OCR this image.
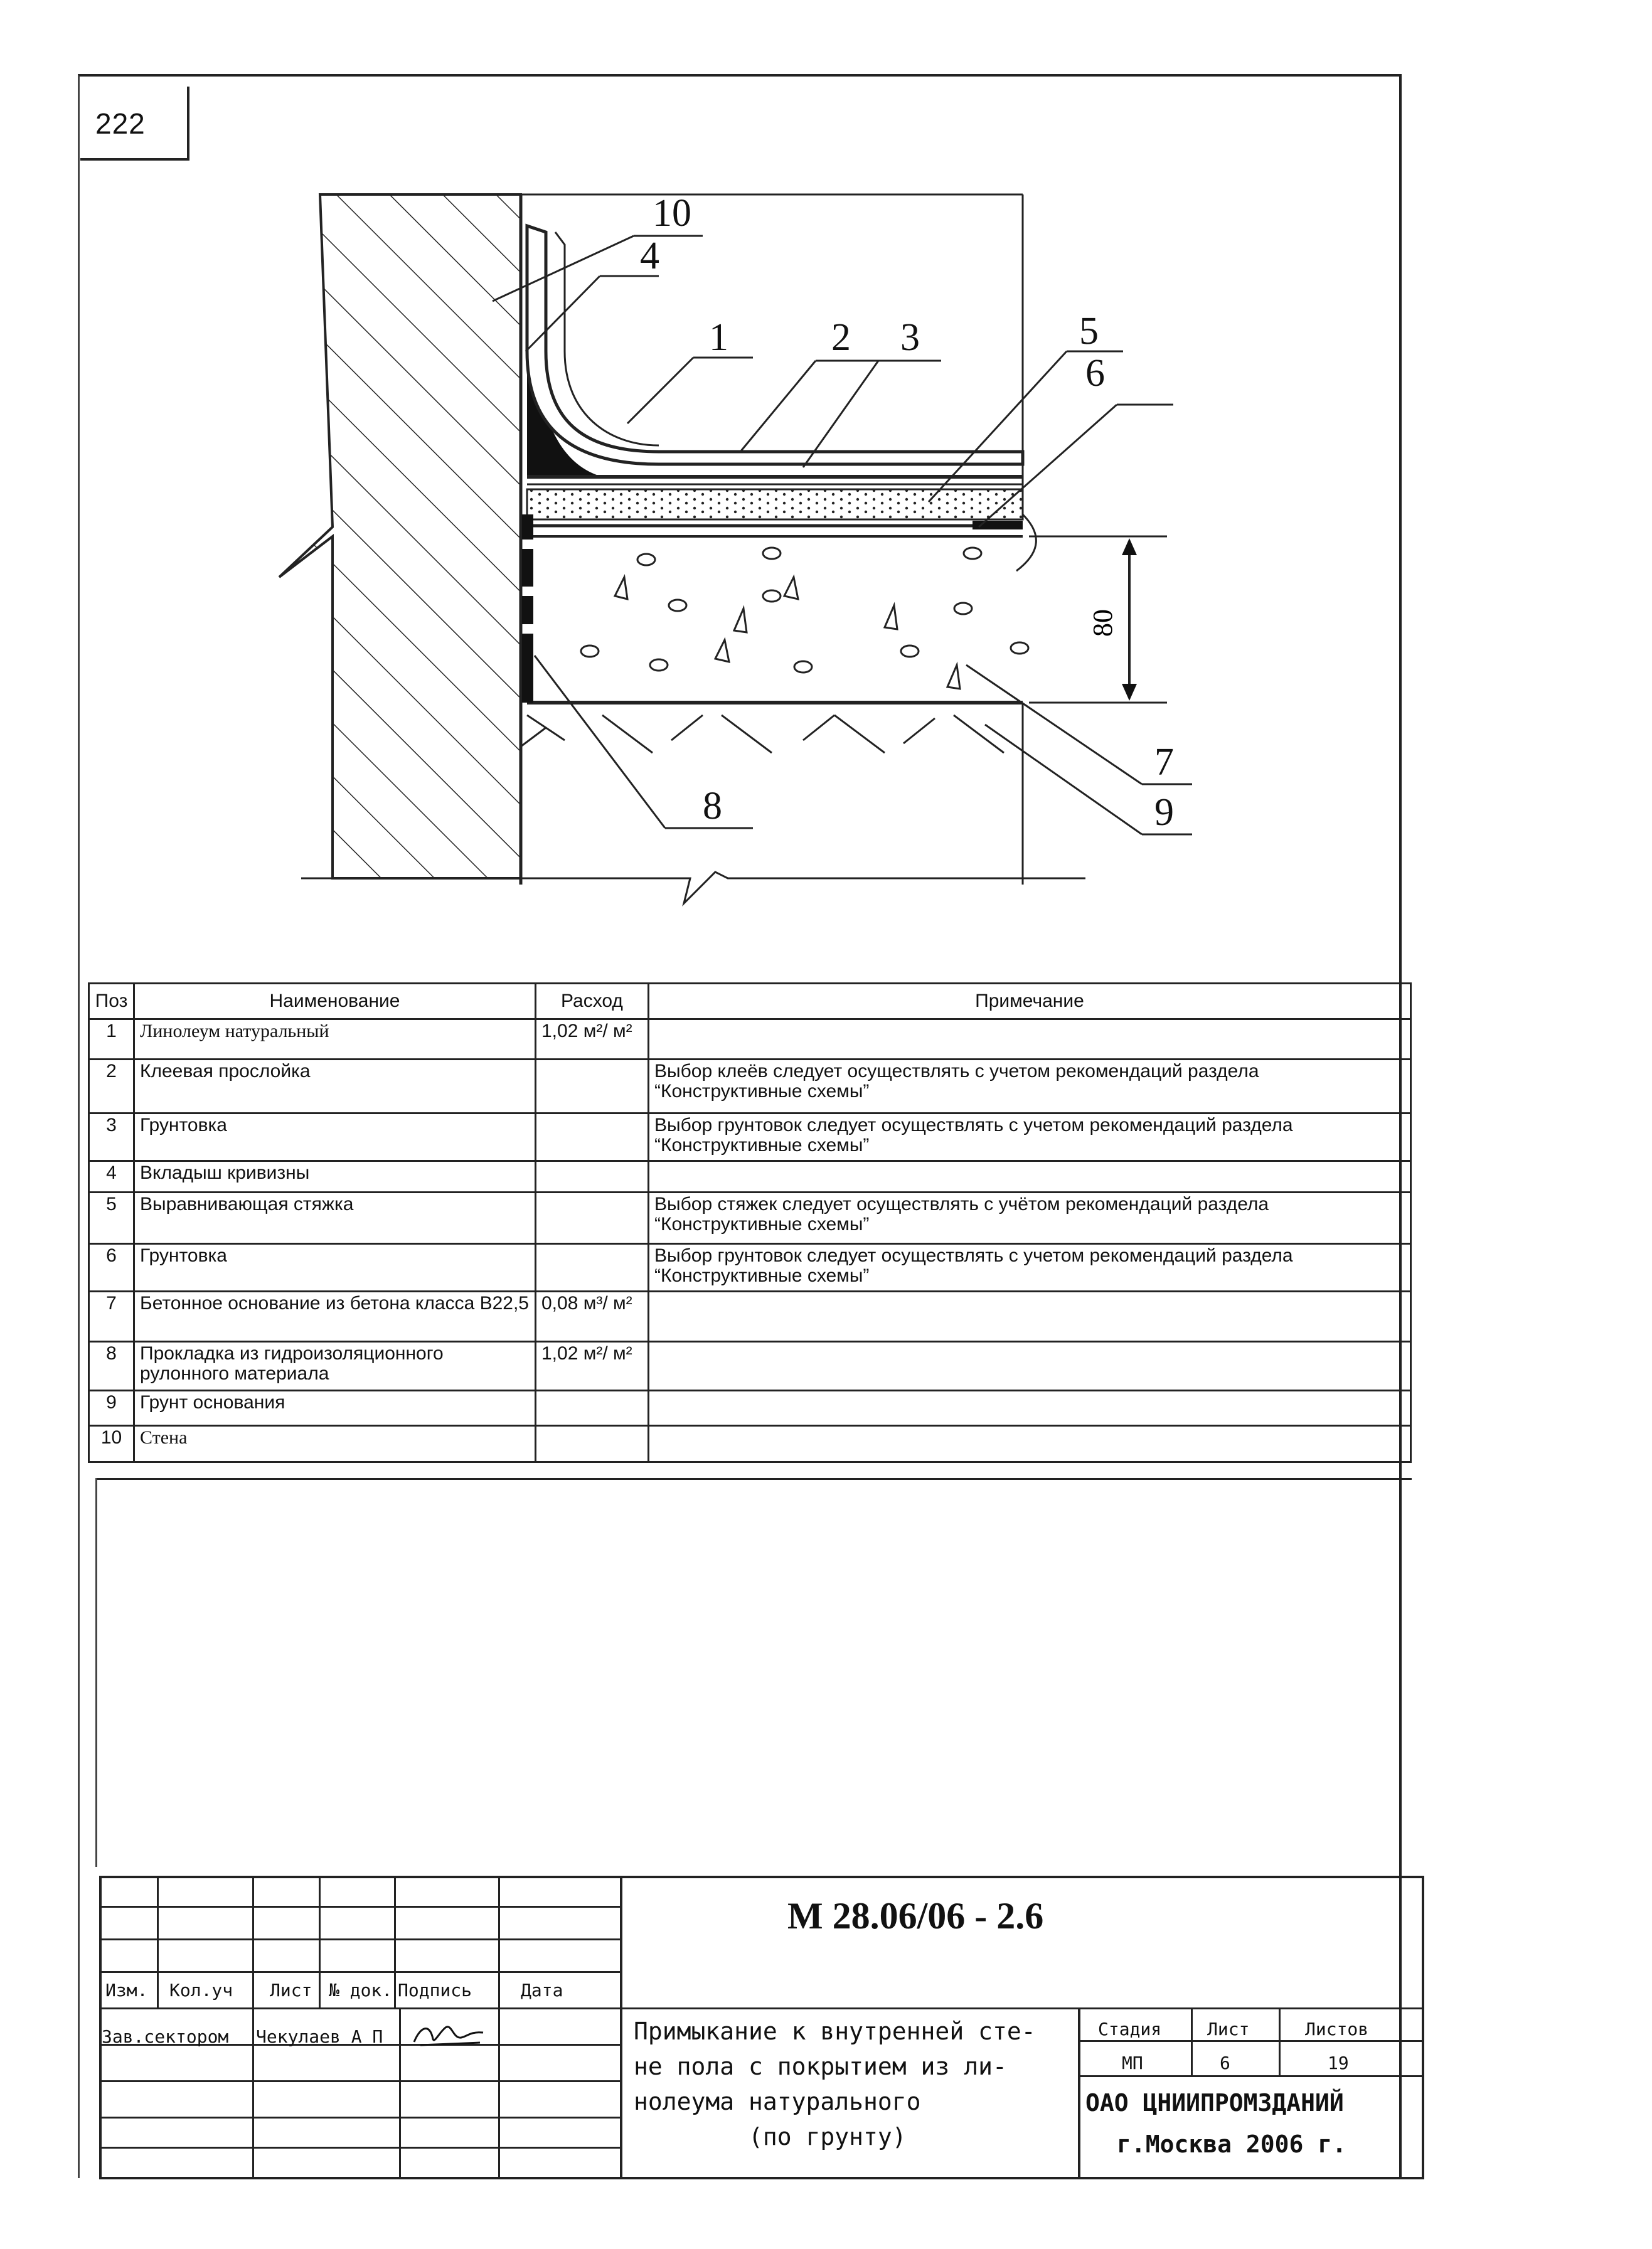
222
80
10
4
1	2 3	5
6
7
8	9
Поз	Наименование	Расход	Примечание
1	Линолеум натуральный	1,02 м²/ м²	
2	Клеевая прослойка		Выбор клеёв следует осуществлять с учетом рекомендаций раздела “Конструктивные схемы”
3	Грунтовка		Выбор грунтовок следует осуществлять с учетом рекомендаций раздела “Конструктивные схемы”
4	Вкладыш кривизны		
5	Выравнивающая стяжка		Выбор стяжек следует осуществлять с учётом рекомендаций раздела “Конструктивные схемы”
6	Грунтовка		Выбор грунтовок следует осуществлять с учетом рекомендаций раздела “Конструктивные схемы”
7	Бетонное основание из бетона класса В22,5	0,08 м³/ м²	
8	Прокладка из гидроизоляционного рулонного материала	1,02 м²/ м²	
9	Грунт основания		
10	Стена		
Изм. Кол.уч Лист № док. Подпись	Дата
Зав.сектором Чекулаев А П
М 28.06/06 - 2.6
Примыкание к внутренней сте-
не пола с покрытием из ли-
нолеума натурального
(по грунту)
Стадия	Лист	Листов
МП	6	19
ОАО ЦНИИПРОМЗДАНИЙ
г.Москва 2006 г.
